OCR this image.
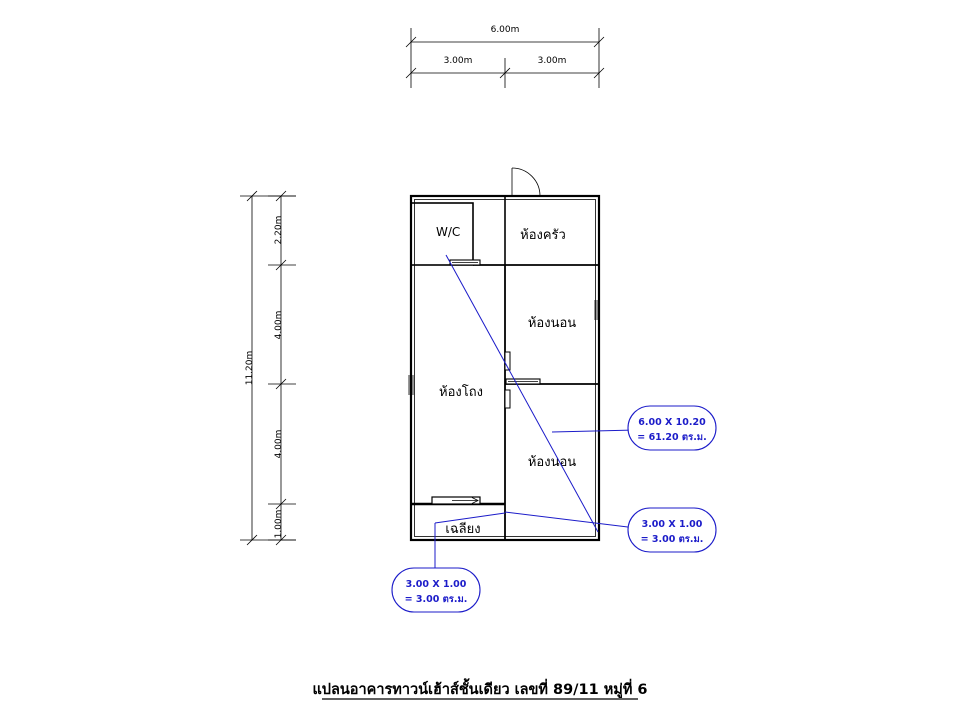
6.00m
3.00m	3.00m
11.20m
2.20m
4.00m
4.00m
1.00m
W/C	ห้องครัว
ห้องนอน
ห้องโถง
ห้องนอน
เฉลียง
6.00 X 10.20
= 61.20 ตร.ม.
3.00 X 1.00
= 3.00 ตร.ม.
3.00 X 1.00
= 3.00 ตร.ม.
แปลนอาคารทาวน์เฮ้าส์ชั้นเดียว เลขที่ 89/11 หมู่ที่ 6
